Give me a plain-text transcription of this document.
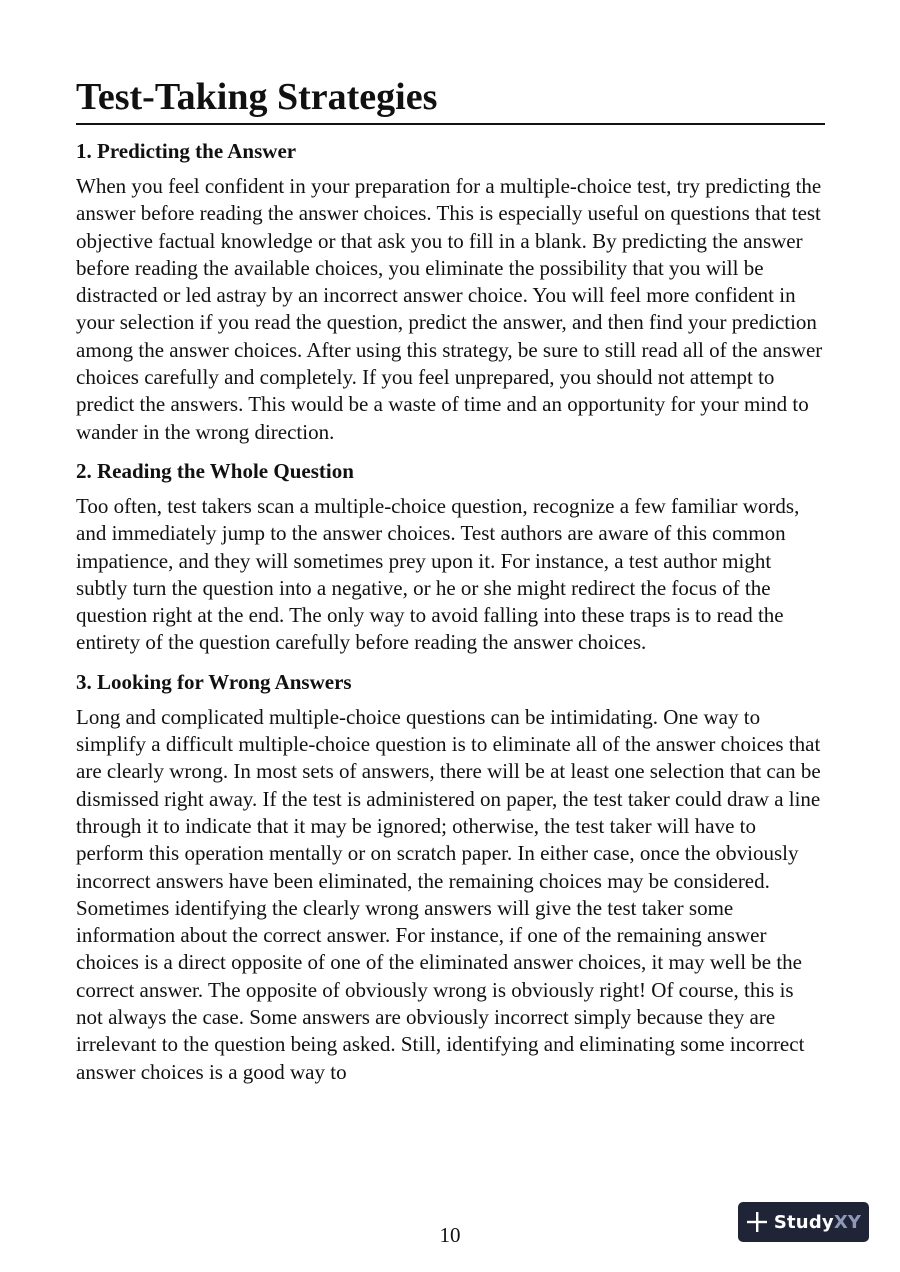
Test-Taking Strategies
1. Predicting the Answer

When you feel confident in your preparation for a multiple-choice test, try predicting the answer before reading the answer choices. This is especially useful on questions that test objective factual knowledge or that ask you to fill in a blank. By predicting the answer before reading the available choices, you eliminate the possibility that you will be distracted or led astray by an incorrect answer choice. You will feel more confident in your selection if you read the question, predict the answer, and then find your prediction among the answer choices. After using this strategy, be sure to still read all of the answer choices carefully and completely. If you feel unprepared, you should not attempt to predict the answers. This would be a waste of time and an opportunity for your mind to wander in the wrong direction.

2. Reading the Whole Question

Too often, test takers scan a multiple-choice question, recognize a few familiar words, and immediately jump to the answer choices. Test authors are aware of this common impatience, and they will sometimes prey upon it. For instance, a test author might subtly turn the question into a negative, or he or she might redirect the focus of the question right at the end. The only way to avoid falling into these traps is to read the entirety of the question carefully before reading the answer choices.

3. Looking for Wrong Answers

Long and complicated multiple-choice questions can be intimidating. One way to simplify a difficult multiple-choice question is to eliminate all of the answer choices that are clearly wrong. In most sets of answers, there will be at least one selection that can be dismissed right away. If the test is administered on paper, the test taker could draw a line through it to indicate that it may be ignored; otherwise, the test taker will have to perform this operation mentally or on scratch paper. In either case, once the obviously incorrect answers have been eliminated, the remaining choices may be considered. Sometimes identifying the clearly wrong answers will give the test taker some information about the correct answer. For instance, if one of the remaining answer choices is a direct opposite of one of the eliminated answer choices, it may well be the correct answer. The opposite of obviously wrong is obviously right! Of course, this is not always the case. Some answers are obviously incorrect simply because they are irrelevant to the question being asked. Still, identifying and eliminating some incorrect answer choices is a good way to

10
StudyXY
